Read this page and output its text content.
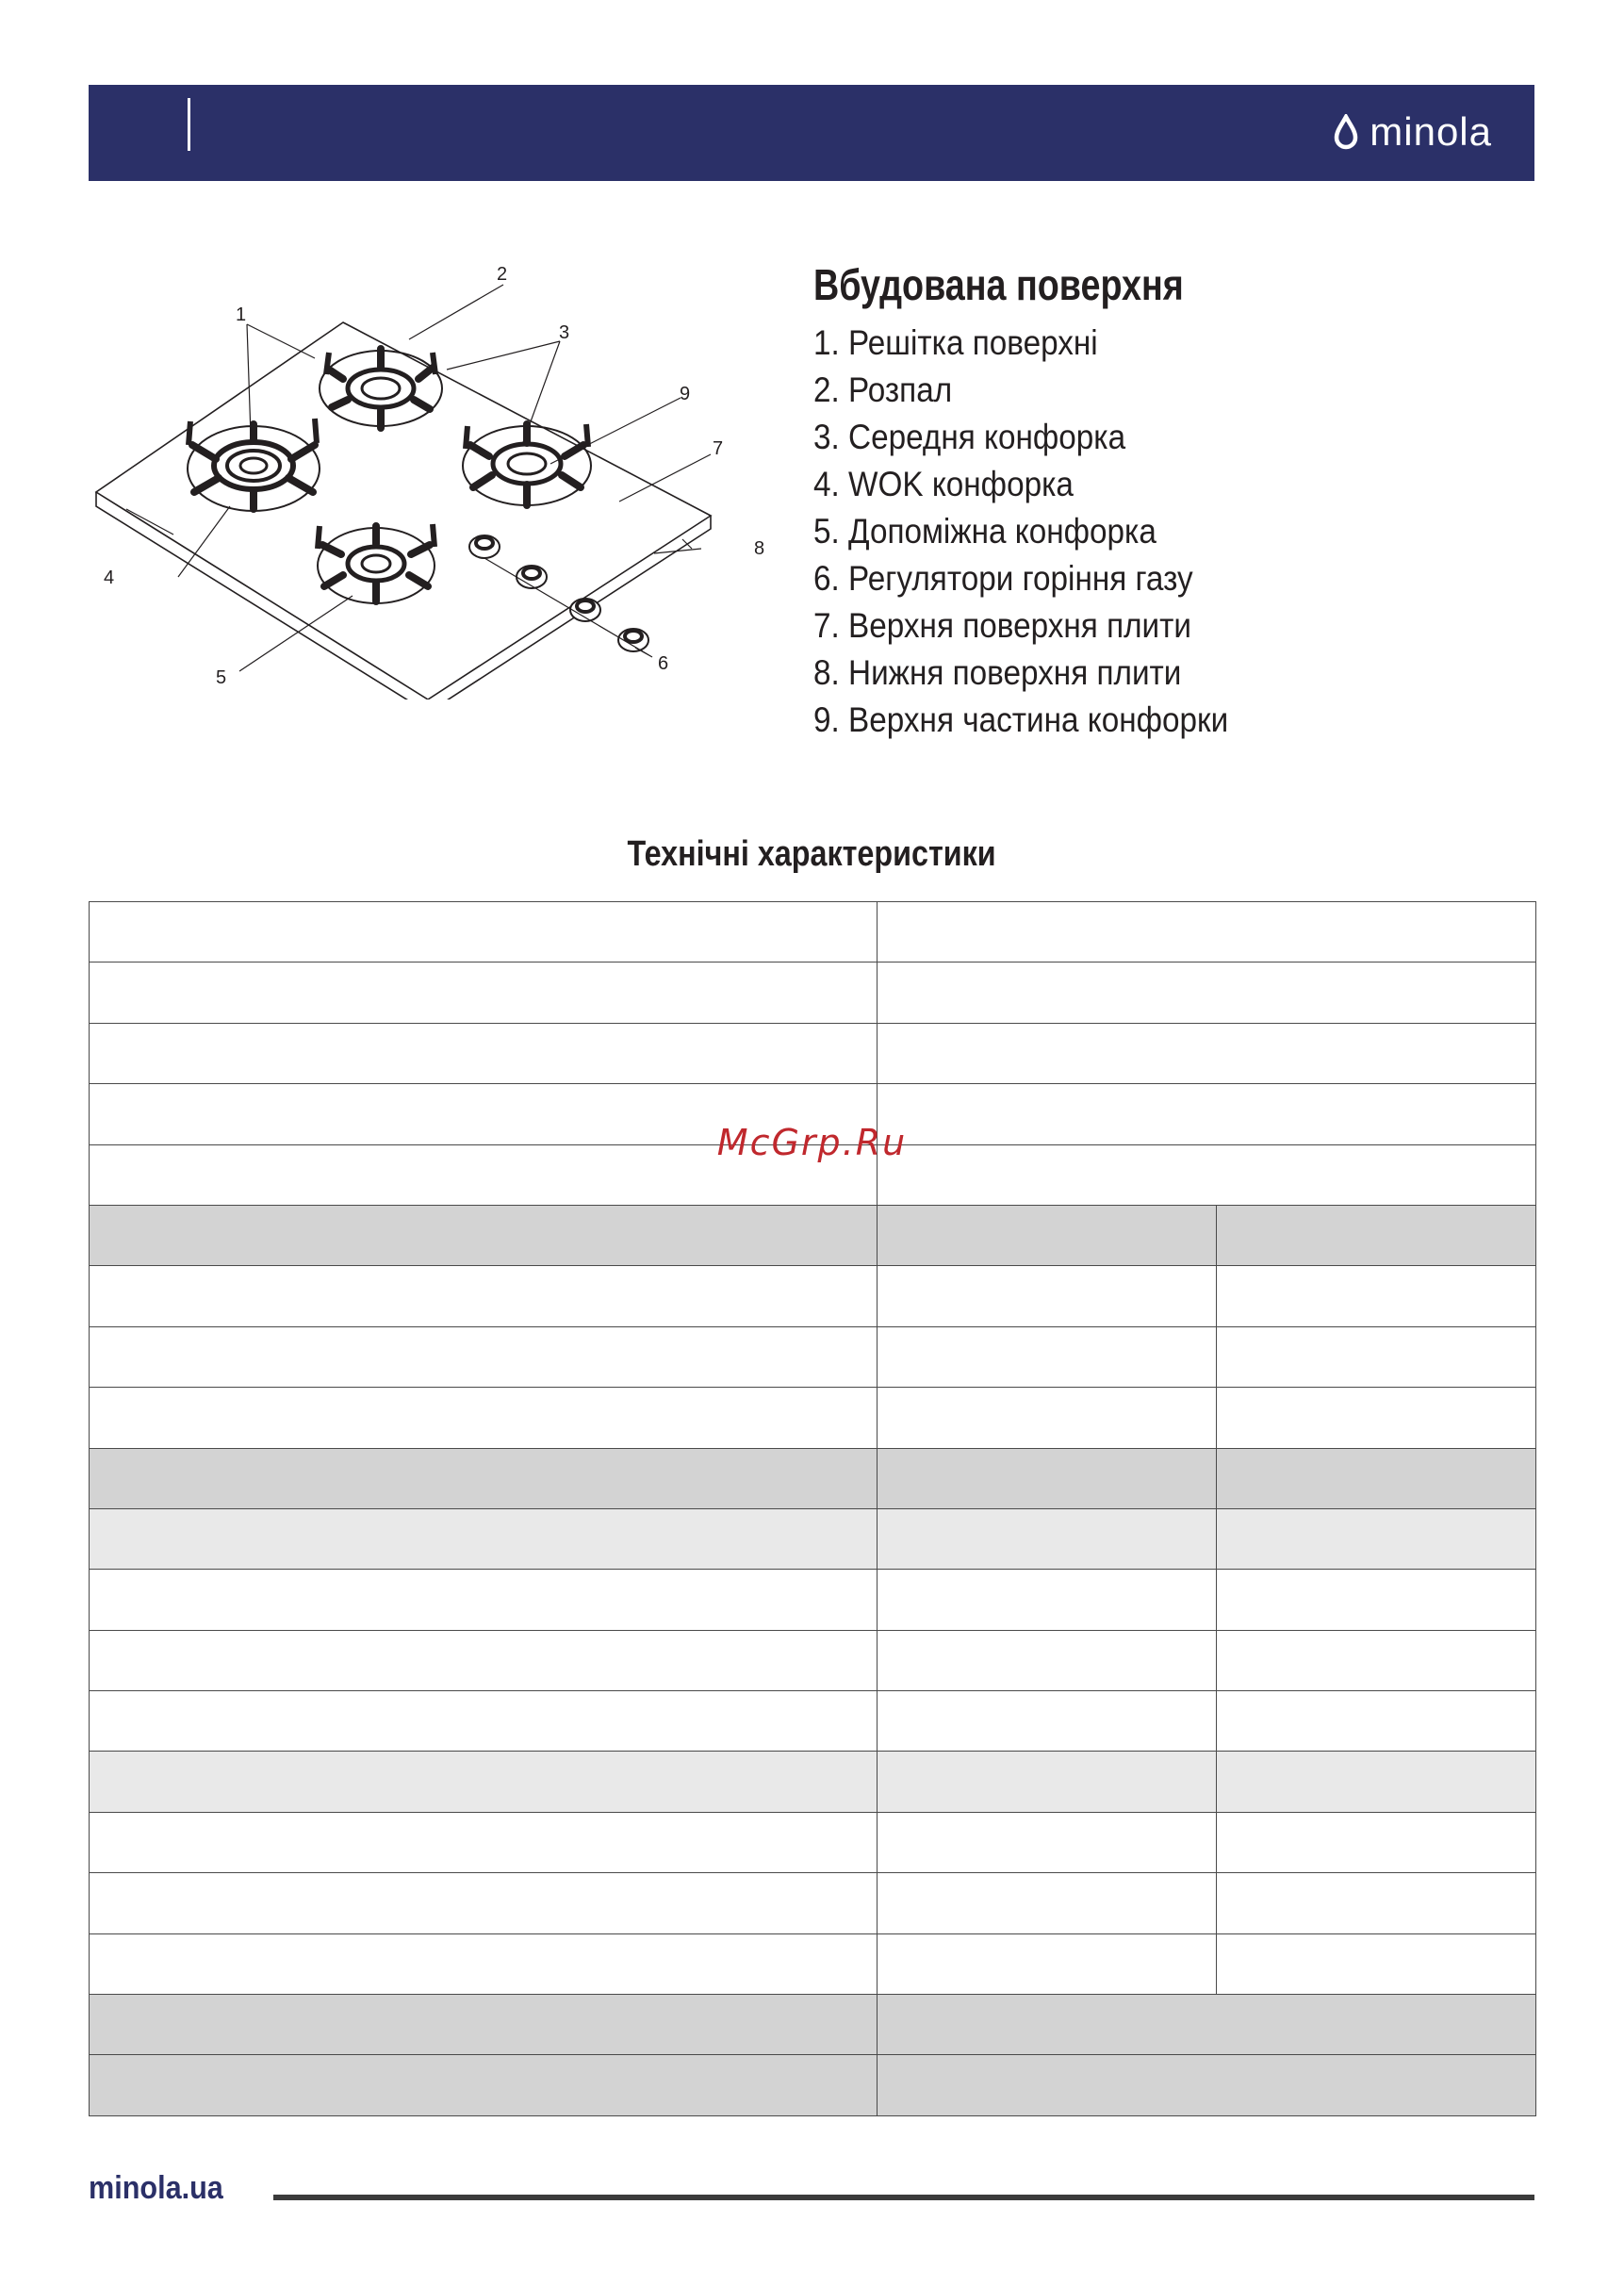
minola
1
2
3
9
7
8
4
5
6
Вбудована поверхня
1. Решітка поверхні
2. Розпал
3. Середня конфорка
4. WOK конфорка
5. Допоміжна конфорка
6. Регулятори горіння газу
7. Верхня поверхня плити
8. Нижня поверхня плити
9. Верхня частина конфорки
Технічні характеристики

McGrp.Ru
minola.ua
